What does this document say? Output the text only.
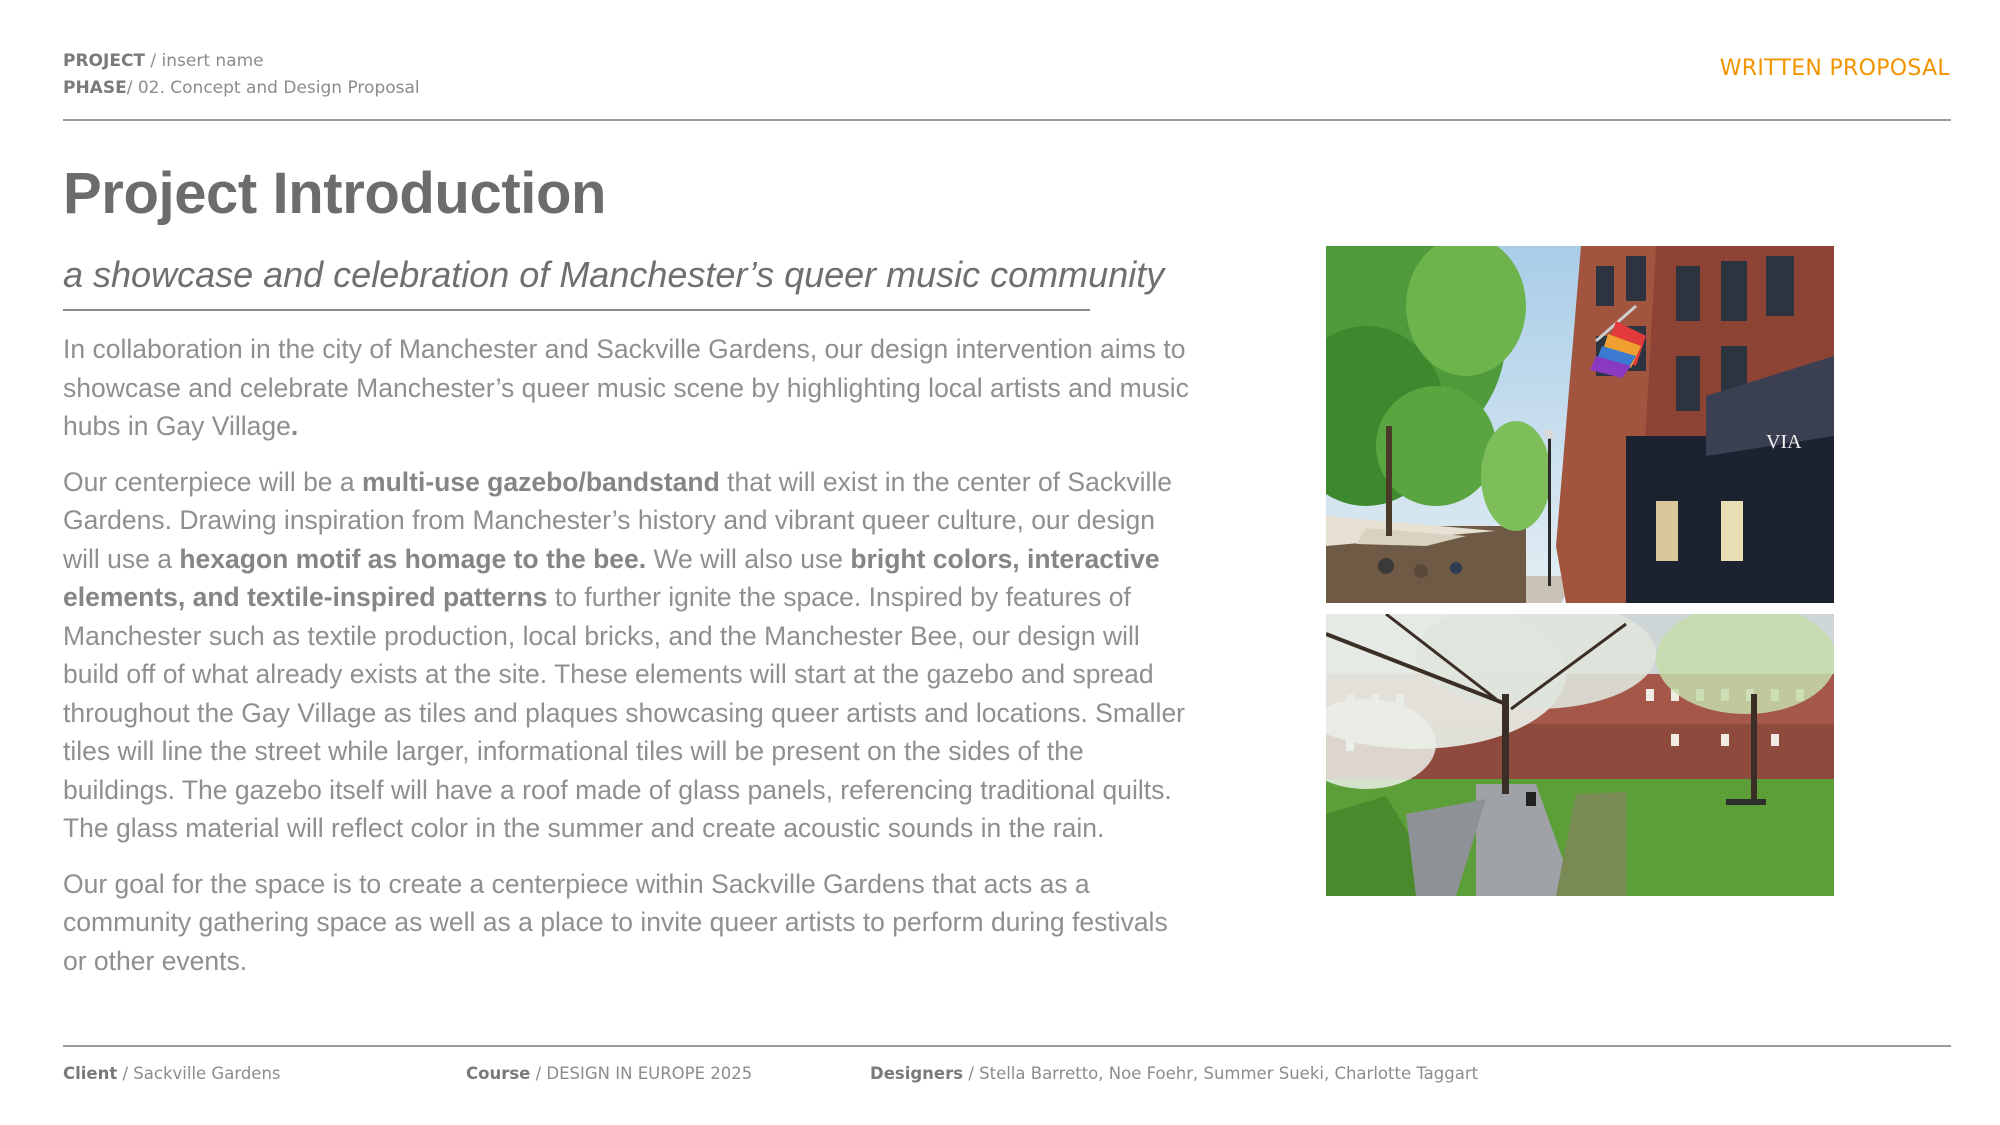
PROJECT / insert name
PHASE/ 02. Concept and Design Proposal
WRITTEN PROPOSAL
Project Introduction
a showcase and celebration of Manchester’s queer music community

In collaboration in the city of Manchester and Sackville Gardens, our design intervention aims to showcase and celebrate Manchester’s queer music scene by highlighting local artists and music hubs in Gay Village.

Our centerpiece will be a multi-use gazebo/bandstand that will exist in the center of Sackville Gardens. Drawing inspiration from Manchester’s history and vibrant queer culture, our design will use a hexagon motif as homage to the bee. We will also use bright colors, interactive elements, and textile-inspired patterns to further ignite the space. Inspired by features of Manchester such as textile production, local bricks, and the Manchester Bee, our design will build off of what already exists at the site. These elements will start at the gazebo and spread throughout the Gay Village as tiles and plaques showcasing queer artists and locations. Smaller tiles will line the street while larger, informational tiles will be present on the sides of the buildings. The gazebo itself will have a roof made of glass panels, referencing traditional quilts. The glass material will reflect color in the summer and create acoustic sounds in the rain.

Our goal for the space is to create a centerpiece within Sackville Gardens that acts as a community gathering space as well as a place to invite queer artists to perform during festivals or other events.

VIA
Client / Sackville Gardens	Course / DESIGN IN EUROPE 2025	Designers / Stella Barretto, Noe Foehr, Summer Sueki, Charlotte Taggart
